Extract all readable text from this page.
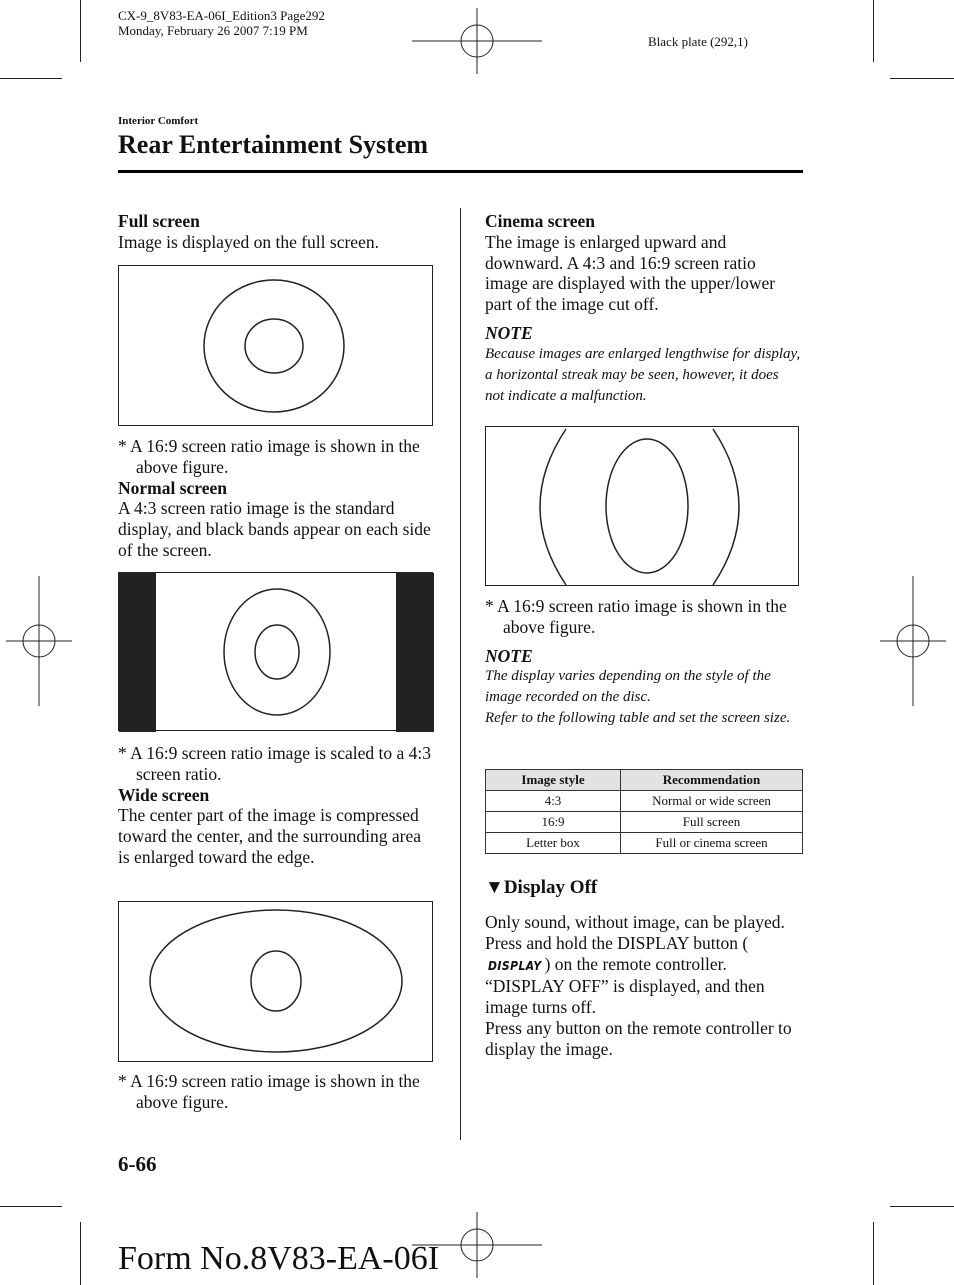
CX-9_8V83-EA-06I_Edition3 Page292
Monday, February 26 2007 7:19 PM
Black plate (292,1)
Interior Comfort
Rear Entertainment System

Full screen

Image is displayed on the full screen.

* A 16:9 screen ratio image is shown in the above figure.

Normal screen

A 4:3 screen ratio image is the standard display, and black bands appear on each side of the screen.

* A 16:9 screen ratio image is scaled to a 4:3 screen ratio.

Wide screen

The center part of the image is compressed toward the center, and the surrounding area is enlarged toward the edge.

* A 16:9 screen ratio image is shown in the above figure.

Cinema screen

The image is enlarged upward and downward. A 4:3 and 16:9 screen ratio image are displayed with the upper/lower part of the image cut off.

NOTE

Because images are enlarged lengthwise for display, a horizontal streak may be seen, however, it does not indicate a malfunction.

* A 16:9 screen ratio image is shown in the above figure.

NOTE

The display varies depending on the style of the image recorded on the disc.

Refer to the following table and set the screen size.

Image style	Recommendation
4:3	Normal or wide screen
16:9	Full screen
Letter box	Full or cinema screen
▼Display Off

Only sound, without image, can be played.

Press and hold the DISPLAY button (DISPLAY ) on the remote controller.

“DISPLAY OFF” is displayed, and then image turns off.

Press any button on the remote controller to display the image.

6-66
Form No.8V83-EA-06I
